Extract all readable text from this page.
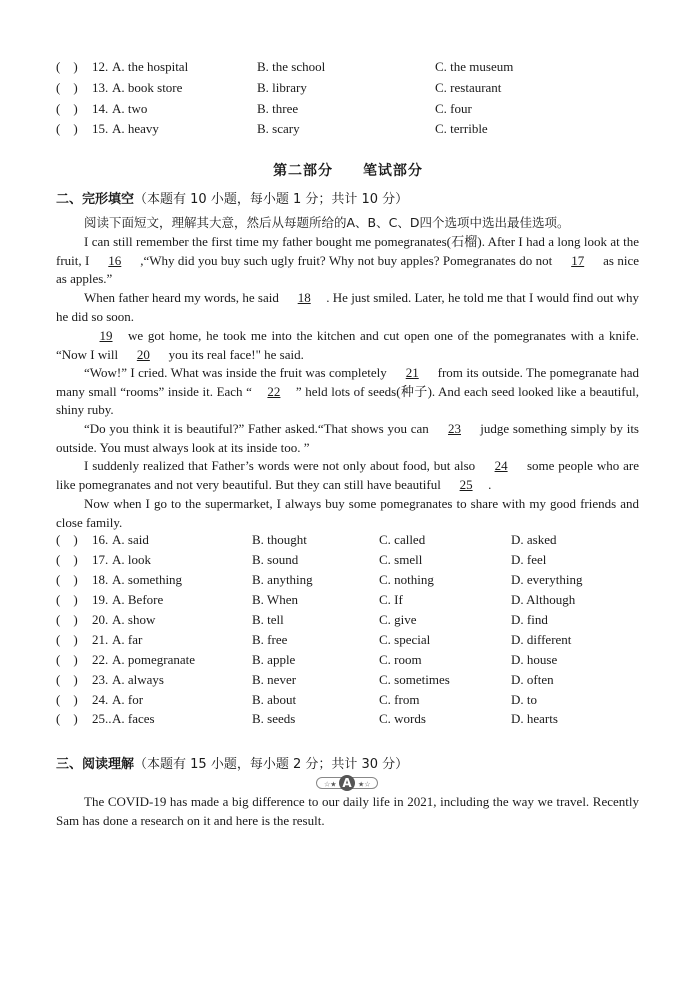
(    ) 12. A. the hospital	B. the school	C. the museum
(    ) 13. A. book store	B. library	C. restaurant
(    ) 14. A. two	B. three	C. four
(    ) 15. A. heavy	B. scary	C. terrible
第二部分 笔试部分
二、完形填空（本题有 10 小题，每小题 1 分；共计 10 分）
阅读下面短文，理解其大意，然后从每题所给的A、B、C、D四个选项中选出最佳选项。
I can still remember the first time my father bought me pomegranates(石榴). After I had a long look at the fruit, I 16 ,“Why did you buy such ugly fruit? Why not buy apples? Pomegranates do not 17 as nice as apples.”
When father heard my words, he said 18 . He just smiled. Later, he told me that I would find out why he did so soon.
19 we got home, he took me into the kitchen and cut open one of the pomegranates with a knife. “Now I will 20 you its real face!" he said.
“Wow!” I cried. What was inside the fruit was completely 21 from its outside. The pomegranate had many small “rooms” inside it. Each “ 22 ” held lots of seeds(种子). And each seed looked like a beautiful, shiny ruby.
“Do you think it is beautiful?” Father asked.“That shows you can 23 judge something simply by its outside. You must always look at its inside too. ”
I suddenly realized that Father’s words were not only about food, but also 24 some people who are like pomegranates and not very beautiful. But they can still have beautiful 25 .
Now when I go to the supermarket, I always buy some pomegranates to share with my good friends and close family.
(    ) 16. A. said	B. thought	C. called	D. asked
(    ) 17. A. look	B. sound	C. smell	D. feel
(    ) 18. A. something	B. anything	C. nothing	D. everything
(    ) 19. A. Before	B. When	C. If	D. Although
(    ) 20. A. show	B. tell	C. give	D. find
(    ) 21. A. far	B. free	C. special	D. different
(    ) 22. A. pomegranate	B. apple	C. room	D. house
(    ) 23. A. always	B. never	C. sometimes	D. often
(    ) 24. A. for	B. about	C. from	D. to
(    ) 25.. A. faces	B. seeds	C. words	D. hearts
三、阅读理解（本题有 15 小题，每小题 2 分；共计 30 分）
☆★	★☆
A
The COVID-19 has made a big difference to our daily life in 2021, including the way we travel. Recently Sam has done a research on it and here is the result.
